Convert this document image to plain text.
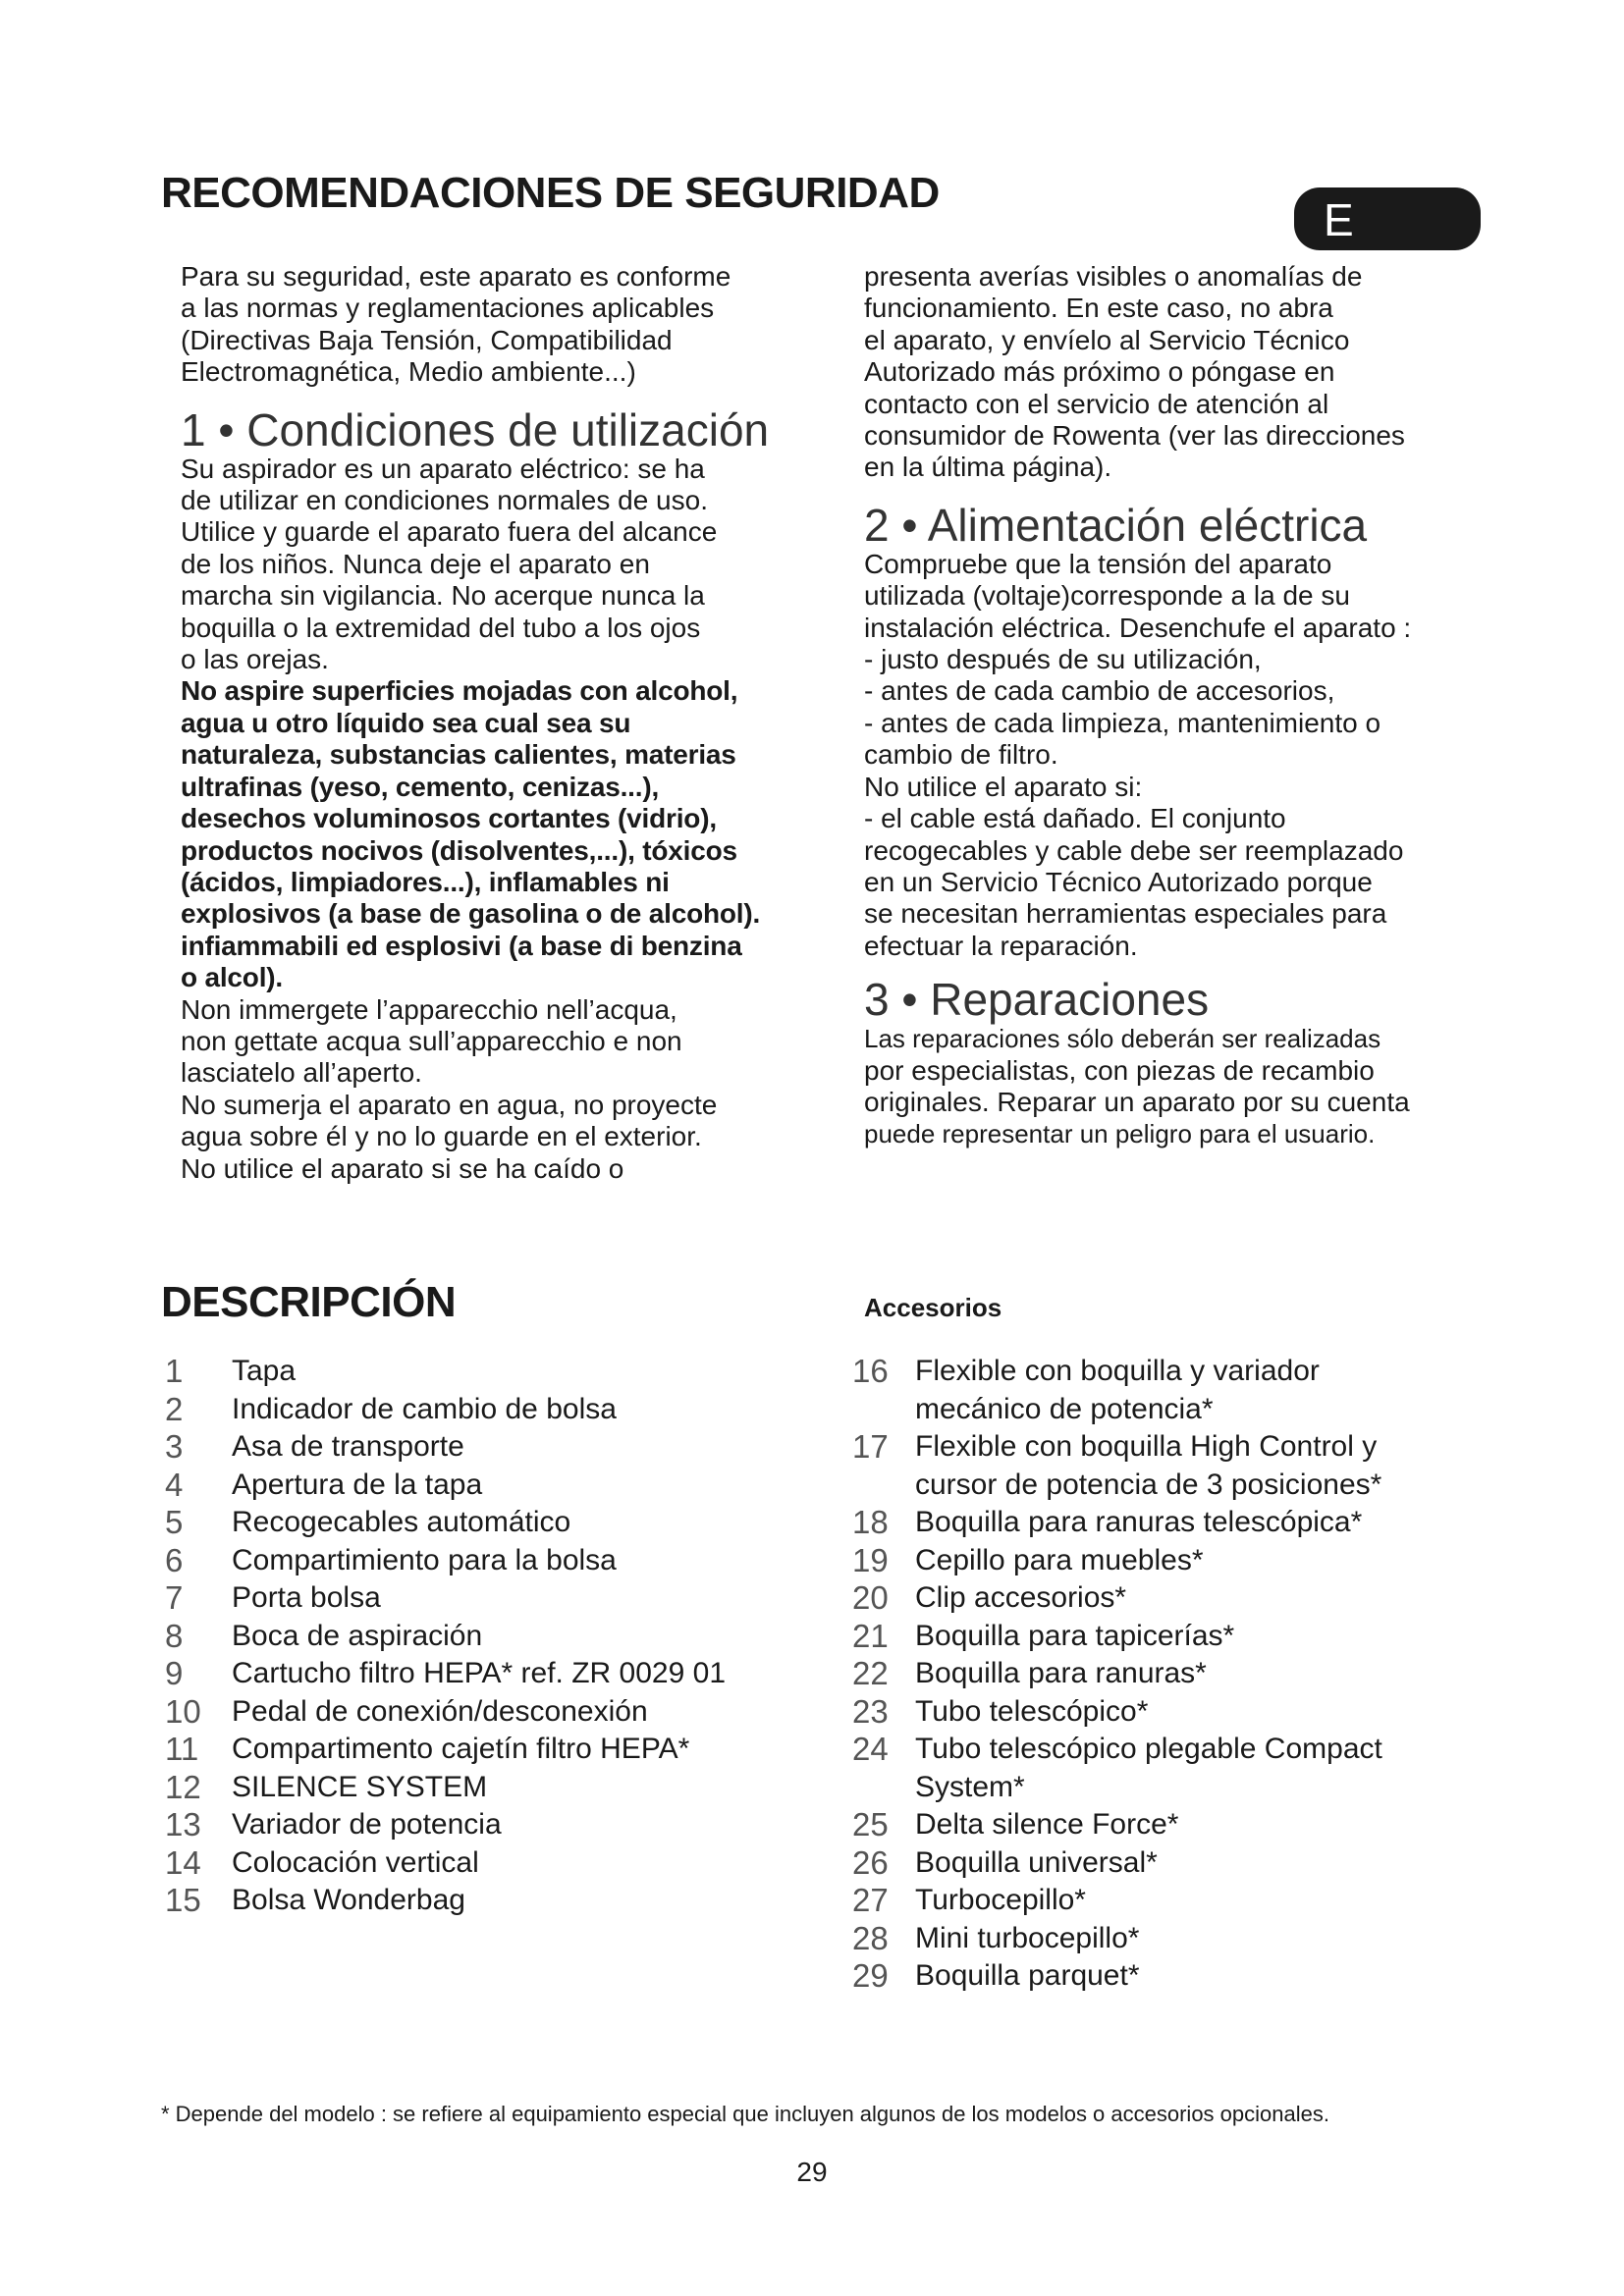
RECOMENDACIONES DE SEGURIDAD
E

Para su seguridad, este aparato es conforme

a las normas y reglamentaciones aplicables

(Directivas Baja Tensión, Compatibilidad

Electromagnética, Medio ambiente...)

1 • Condiciones de utilización

Su aspirador es un aparato eléctrico: se ha

de utilizar en condiciones normales de uso.

Utilice y guarde el aparato fuera del alcance

de los niños. Nunca deje el aparato en

marcha sin vigilancia. No acerque nunca la

boquilla o la extremidad del tubo a los ojos

o las orejas.

No aspire superficies mojadas con alcohol,

agua u otro líquido sea cual sea su

naturaleza, substancias calientes, materias

ultrafinas (yeso, cemento, cenizas...),

desechos voluminosos cortantes (vidrio),

productos nocivos (disolventes,...), tóxicos

(ácidos, limpiadores...), inflamables ni

explosivos (a base de gasolina o de alcohol).

infiammabili ed esplosivi (a base di benzina

o alcol).

Non immergete l’apparecchio nell’acqua,

non gettate acqua sull’apparecchio e non

lasciatelo all’aperto.

No sumerja el aparato en agua, no proyecte

agua sobre él y no lo guarde en el exterior.

No utilice el aparato si se ha caído o

presenta averías visibles o anomalías de

funcionamiento. En este caso, no abra

el aparato, y envíelo al Servicio Técnico

Autorizado más próximo o póngase en

contacto con el servicio de atención al

consumidor de Rowenta (ver las direcciones

en la última página).

2 • Alimentación eléctrica

Compruebe que la tensión del aparato

utilizada (voltaje)corresponde a la de su

instalación eléctrica. Desenchufe el aparato :

- justo después de su utilización,

- antes de cada cambio de accesorios,

- antes de cada limpieza, mantenimiento o

cambio de filtro.

No utilice el aparato si:

- el cable está dañado. El conjunto

recogecables y cable debe ser reemplazado

en un Servicio Técnico Autorizado porque

se necesitan herramientas especiales para

efectuar la reparación.

3 • Reparaciones

Las reparaciones sólo deberán ser realizadas

por especialistas, con piezas de recambio

originales. Reparar un aparato por su cuenta

puede representar un peligro para el usuario.

DESCRIPCIÓN	Accesorios
1	Tapa
2	Indicador de cambio de bolsa
3	Asa de transporte
4	Apertura de la tapa
5	Recogecables automático
6	Compartimiento para la bolsa
7	Porta bolsa
8	Boca de aspiración
9	Cartucho filtro HEPA* ref. ZR 0029 01
10	Pedal de conexión/desconexión
11	Compartimento cajetín filtro HEPA*
12	SILENCE SYSTEM
13	Variador de potencia
14	Colocación vertical
15	Bolsa Wonderbag
16 Flexible con boquilla y variador
mecánico de potencia*
17 Flexible con boquilla High Control y
cursor de potencia de 3 posiciones*
18 Boquilla para ranuras telescópica*
19 Cepillo para muebles*
20 Clip accesorios*
21 Boquilla para tapicerías*
22 Boquilla para ranuras*
23 Tubo telescópico*
24 Tubo telescópico plegable Compact
System*
25 Delta silence Force*
26 Boquilla universal*
27 Turbocepillo*
28 Mini turbocepillo*
29 Boquilla parquet*
* Depende del modelo : se refiere al equipamiento especial que incluyen algunos de los modelos o accesorios opcionales.
29
